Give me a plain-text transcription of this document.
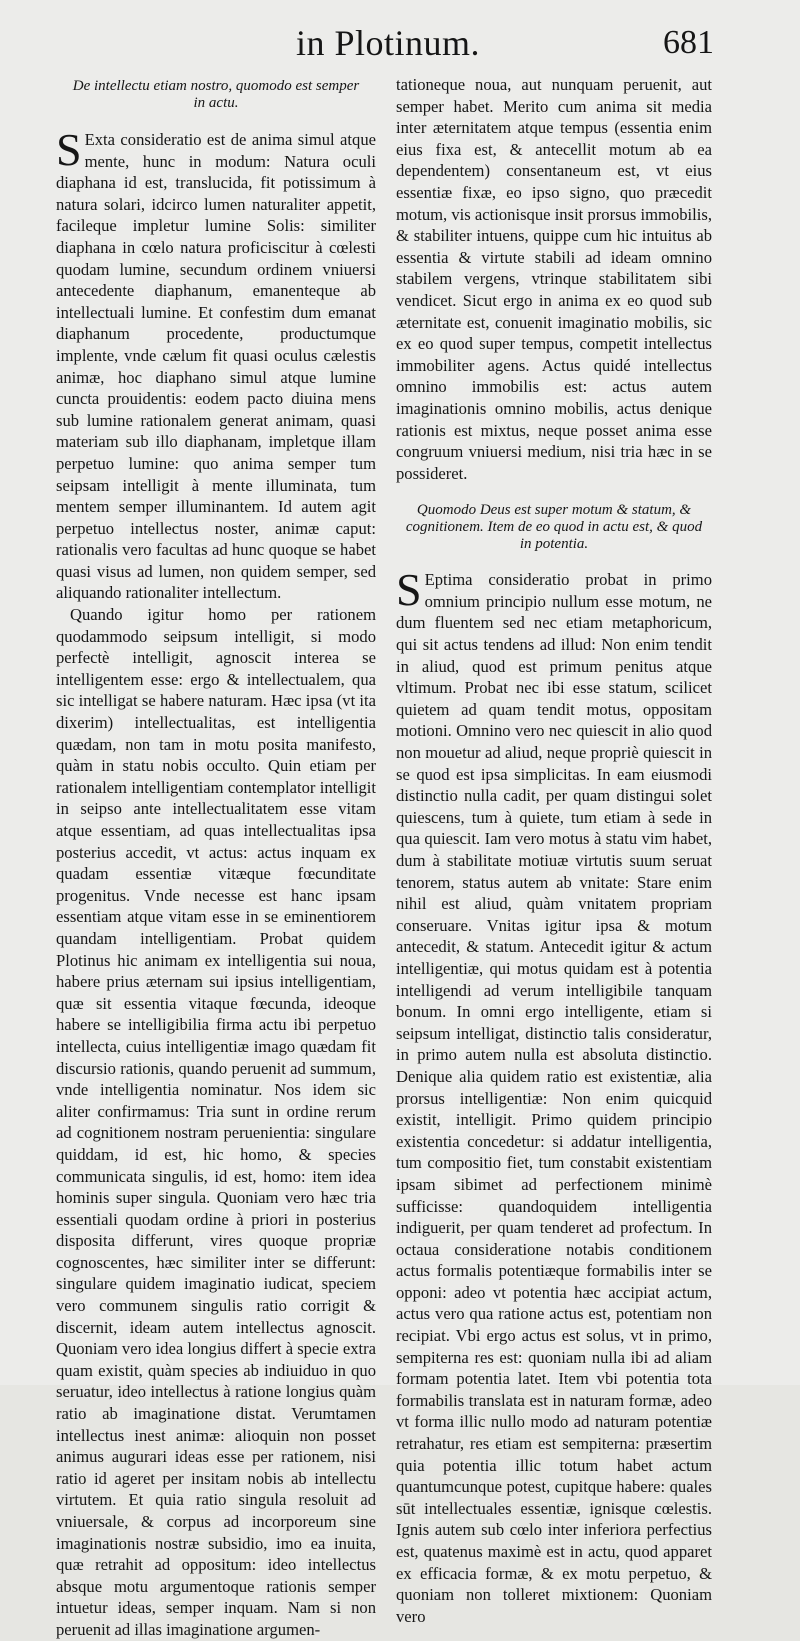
in Plotinum.	681

De intellectu etiam nostro, quomodo est semper in actu.

S Exta consideratio est de anima simul atque mente, hunc in modum: Natura oculi diaphana id est, translucida, fit potissimum à natura solari, idcirco lumen naturaliter appetit, facileque impletur lumine Solis: similiter diaphana in cœlo natura proficiscitur à cœlesti quodam lumine, secundum ordinem vniuersi antecedente diaphanum, emanenteque ab intellectuali lumine. Et confestim dum emanat diaphanum procedente, productumque implente, vnde cælum fit quasi oculus cælestis animæ, hoc diaphano simul atque lumine cuncta prouidentis: eodem pacto diuina mens sub lumine rationalem generat animam, quasi materiam sub illo diaphanam, impletque illam perpetuo lumine: quo anima semper tum seipsam intelligit à mente illuminata, tum mentem semper illuminantem. Id autem agit perpetuo intellectus noster, animæ caput: rationalis vero facultas ad hunc quoque se habet quasi visus ad lumen, non quidem semper, sed aliquando rationaliter intellectum.

Quando igitur homo per rationem quodammodo seipsum intelligit, si modo perfectè intelligit, agnoscit interea se intelligentem esse: ergo & intellectualem, qua sic intelligat se habere naturam. Hæc ipsa (vt ita dixerim) intellectualitas, est intelligentia quædam, non tam in motu posita manifesto, quàm in statu nobis occulto. Quin etiam per rationalem intelligentiam contemplator intelligit in seipso ante intellectualitatem esse vitam atque essentiam, ad quas intellectualitas ipsa posterius accedit, vt actus: actus inquam ex quadam essentiæ vitæque fœcunditate progenitus. Vnde necesse est hanc ipsam essentiam atque vitam esse in se eminentiorem quandam intelligentiam. Probat quidem Plotinus hic animam ex intelligentia sui noua, habere prius æternam sui ipsius intelligentiam, quæ sit essentia vitaque fœcunda, ideoque habere se intelligibilia firma actu ibi perpetuo intellecta, cuius intelligentiæ imago quædam fit discursio rationis, quando peruenit ad summum, vnde intelligentia nominatur. Nos idem sic aliter confirmamus: Tria sunt in ordine rerum ad cognitionem nostram peruenientia: singulare quiddam, id est, hic homo, & species communicata singulis, id est, homo: item idea hominis super singula. Quoniam vero hæc tria essentiali quodam ordine à priori in posterius disposita differunt, vires quoque propriæ cognoscentes, hæc similiter inter se differunt: singulare quidem imaginatio iudicat, speciem vero communem singulis ratio corrigit & discernit, ideam autem intellectus agnoscit. Quoniam vero idea longius differt à specie extra quam existit, quàm species ab indiuiduo in quo seruatur, ideo intellectus à ratione longius quàm ratio ab imaginatione distat. Verumtamen intellectus inest animæ: alioquin non posset animus augurari ideas esse per rationem, nisi ratio id ageret per insitam nobis ab intellectu virtutem. Et quia ratio singula resoluit ad vniuersale, & corpus ad incorporeum sine imaginationis nostræ subsidio, imo ea inuita, quæ retrahit ad oppositum: ideo intellectus absque motu argumentoque rationis semper intuetur ideas, semper inquam. Nam si non peruenit ad illas imaginatione argumen-

tationeque noua, aut nunquam peruenit, aut semper habet. Merito cum anima sit media inter æternitatem atque tempus (essentia enim eius fixa est, & antecellit motum ab ea dependentem) consentaneum est, vt eius essentiæ fixæ, eo ipso signo, quo præcedit motum, vis actionisque insit prorsus immobilis, & stabiliter intuens, quippe cum hic intuitus ab essentia & virtute stabili ad ideam omnino stabilem vergens, vtrinque stabilitatem sibi vendicet. Sicut ergo in anima ex eo quod sub æternitate est, conuenit imaginatio mobilis, sic ex eo quod super tempus, competit intellectus immobiliter agens. Actus quidé intellectus omnino immobilis est: actus autem imaginationis omnino mobilis, actus denique rationis est mixtus, neque posset anima esse congruum vniuersi medium, nisi tria hæc in se possideret.

Quomodo Deus est super motum & statum, & cognitionem. Item de eo quod in actu est, & quod in potentia.

S Eptima consideratio probat in primo omnium principio nullum esse motum, ne dum fluentem sed nec etiam metaphoricum, qui sit actus tendens ad illud: Non enim tendit in aliud, quod est primum penitus atque vltimum. Probat nec ibi esse statum, scilicet quietem ad quam tendit motus, oppositam motioni. Omnino vero nec quiescit in alio quod non mouetur ad aliud, neque propriè quiescit in se quod est ipsa simplicitas. In eam eiusmodi distinctio nulla cadit, per quam distingui solet quiescens, tum à quiete, tum etiam à sede in qua quiescit. Iam vero motus à statu vim habet, dum à stabilitate motiuæ virtutis suum seruat tenorem, status autem ab vnitate: Stare enim nihil est aliud, quàm vnitatem propriam conseruare. Vnitas igitur ipsa & motum antecedit, & statum. Antecedit igitur & actum intelligentiæ, qui motus quidam est à potentia intelligendi ad verum intelligibile tanquam bonum. In omni ergo intelligente, etiam si seipsum intelligat, distinctio talis consideratur, in primo autem nulla est absoluta distinctio. Denique alia quidem ratio est existentiæ, alia prorsus intelligentiæ: Non enim quicquid existit, intelligit. Primo quidem principio existentia concedetur: si addatur intelligentia, tum compositio fiet, tum constabit existentiam ipsam sibimet ad perfectionem minimè sufficisse: quandoquidem intelligentia indiguerit, per quam tenderet ad profectum. In octaua consideratione notabis conditionem actus formalis potentiæque formabilis inter se opponi: adeo vt potentia hæc accipiat actum, actus vero qua ratione actus est, potentiam non recipiat. Vbi ergo actus est solus, vt in primo, sempiterna res est: quoniam nulla ibi ad aliam formam potentia latet. Item vbi potentia tota formabilis translata est in naturam formæ, adeo vt forma illic nullo modo ad naturam potentiæ retrahatur, res etiam est sempiterna: præsertim quia potentia illic totum habet actum quantumcunque potest, cupitque habere: quales sūt intellectuales essentiæ, ignisque cœlestis. Ignis autem sub cœlo inter inferiora perfectius est, quatenus maximè est in actu, quod apparet ex efficacia formæ, & ex motu perpetuo, & quoniam non tolleret mixtionem: Quoniam vero
